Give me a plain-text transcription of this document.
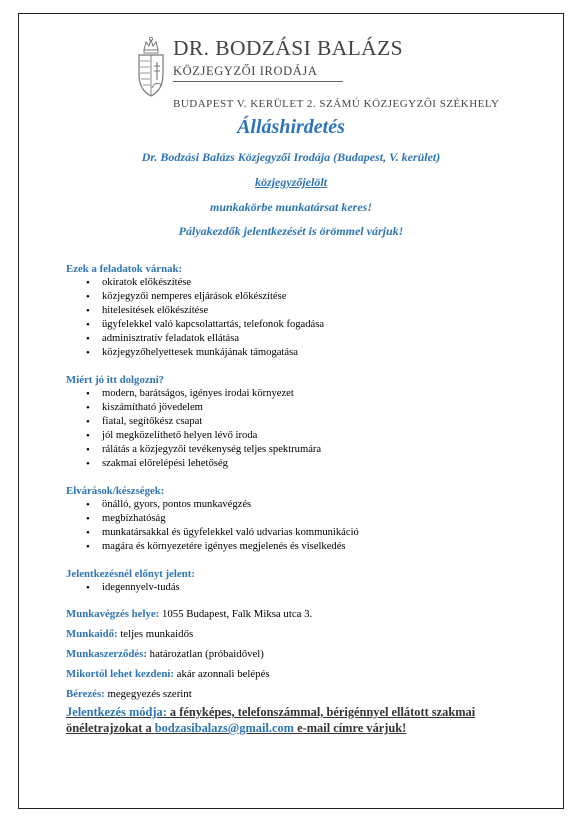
DR. BODZÁSI BALÁZS
KÖZJEGYZŐI IRODÁJA
BUDAPEST V. KERÜLET 2. SZÁMÚ KÖZJEGYZŐI SZÉKHELY
Álláshirdetés
Dr. Bodzási Balázs Közjegyzői Irodája (Budapest, V. kerület)
közjegyzőjelölt
munkakörbe munkatársat keres!
Pályakezdők jelentkezését is örömmel várjuk!
Ezek a feladatok várnak:
• okiratok előkészítése
• közjegyzői nemperes eljárások előkészítése
• hitelesítések előkészítése
• ügyfelekkel való kapcsolattartás, telefonok fogadása
• adminisztratív feladatok ellátása
• közjegyzőhelyettesek munkájának támogatása
Miért jó itt dolgozni?
• modern, barátságos, igényes irodai környezet
• kiszámítható jövedelem
• fiatal, segítőkész csapat
• jól megközelíthető helyen lévő iroda
• rálátás a közjegyzői tevékenység teljes spektrumára
• szakmai előrelépési lehetőség
Elvárások/készségek:
• önálló, gyors, pontos munkavégzés
• megbízhatóság
• munkatársakkal és ügyfelekkel való udvarias kommunikáció
• magára és környezetére igényes megjelenés és viselkedés
Jelentkezésnél előnyt jelent:
• idegennyelv-tudás
Munkavégzés helye: 1055 Budapest, Falk Miksa utca 3.
Munkaidő: teljes munkaidős
Munkaszerződés: határozatlan (próbaidővel)
Mikortól lehet kezdeni: akár azonnali belépés
Bérezés: megegyezés szerint
Jelentkezés módja: a fényképes, telefonszámmal, bérigénnyel ellátott szakmai önéletrajzokat a bodzasibalazs@gmail.com e-mail címre várjuk!
